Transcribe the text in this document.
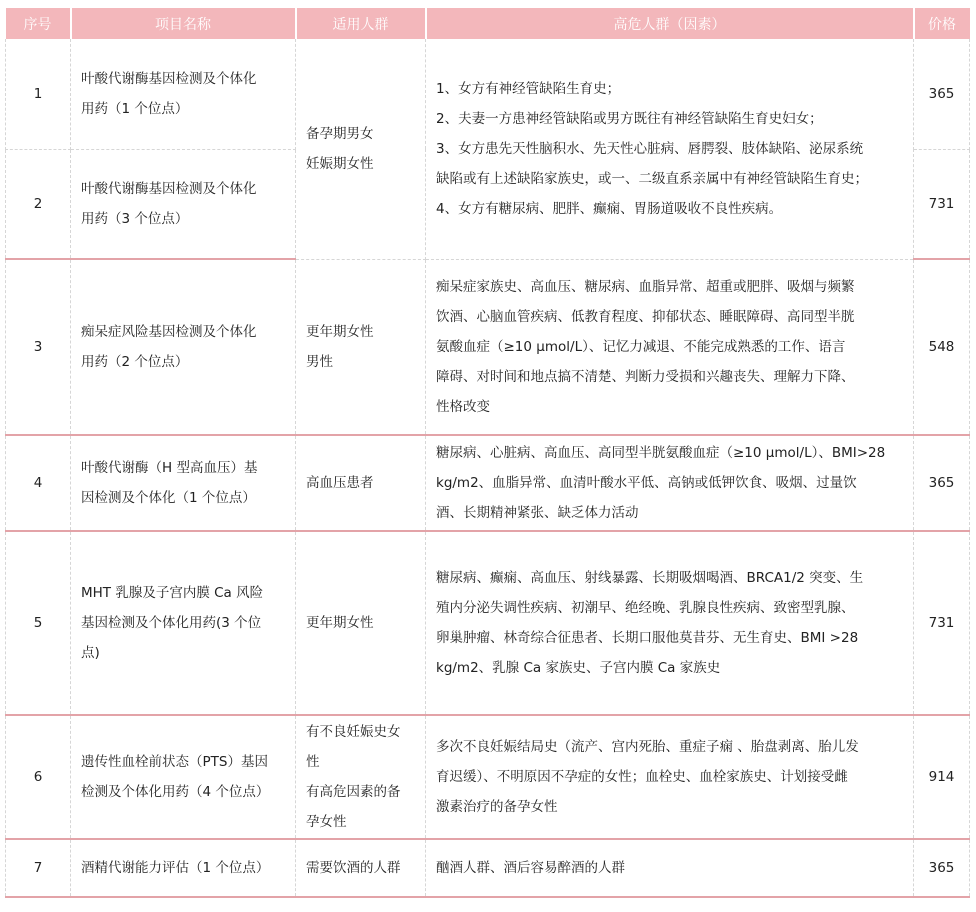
序号	项目名称	适用人群	高危人群（因素）	价格
1	叶酸代谢酶基因检测及个体化
用药（1 个位点）	备孕期男女
妊娠期女性	1、女方有神经管缺陷生育史；
2、夫妻一方患神经管缺陷或男方既往有神经管缺陷生育史妇女；
3、女方患先天性脑积水、先天性心脏病、唇腭裂、肢体缺陷、泌尿系统
缺陷或有上述缺陷家族史，或一、二级直系亲属中有神经管缺陷生育史；
4、女方有糖尿病、肥胖、癫痫、胃肠道吸收不良性疾病。	365
2	叶酸代谢酶基因检测及个体化
用药（3 个位点）			731
3	痴呆症风险基因检测及个体化
用药（2 个位点）	更年期女性
男性	痴呆症家族史、高血压、糖尿病、血脂异常、超重或肥胖、吸烟与频繁
饮酒、心脑血管疾病、低教育程度、抑郁状态、睡眠障碍、高同型半胱
氨酸血症（≥10 μmol/L）、记忆力减退、不能完成熟悉的工作、语言
障碍、对时间和地点搞不清楚、判断力受损和兴趣丧失、理解力下降、
性格改变	548
4	叶酸代谢酶（H 型高血压）基
因检测及个体化（1 个位点）	高血压患者	糖尿病、心脏病、高血压、高同型半胱氨酸血症（≥10 μmol/L）、BMI>28
kg/m2、血脂异常、血清叶酸水平低、高钠或低钾饮食、吸烟、过量饮
酒、长期精神紧张、缺乏体力活动	365
5	MHT 乳腺及子宫内膜 Ca 风险
基因检测及个体化用药(3 个位
点)	更年期女性	糖尿病、癫痫、高血压、射线暴露、长期吸烟喝酒、BRCA1/2 突变、生
殖内分泌失调性疾病、初潮早、绝经晚、乳腺良性疾病、致密型乳腺、
卵巢肿瘤、林奇综合征患者、长期口服他莫昔芬、无生育史、BMI >28
kg/m2、乳腺 Ca 家族史、子宫内膜 Ca 家族史	731
6	遗传性血栓前状态（PTS）基因
检测及个体化用药（4 个位点）	有不良妊娠史女
性
有高危因素的备
孕女性	多次不良妊娠结局史（流产、宫内死胎、重症子痫 、胎盘剥离、胎儿发
育迟缓）、不明原因不孕症的女性；血栓史、血栓家族史、计划接受雌
激素治疗的备孕女性	914
7	酒精代谢能力评估（1 个位点）	需要饮酒的人群	酗酒人群、酒后容易醉酒的人群	365
